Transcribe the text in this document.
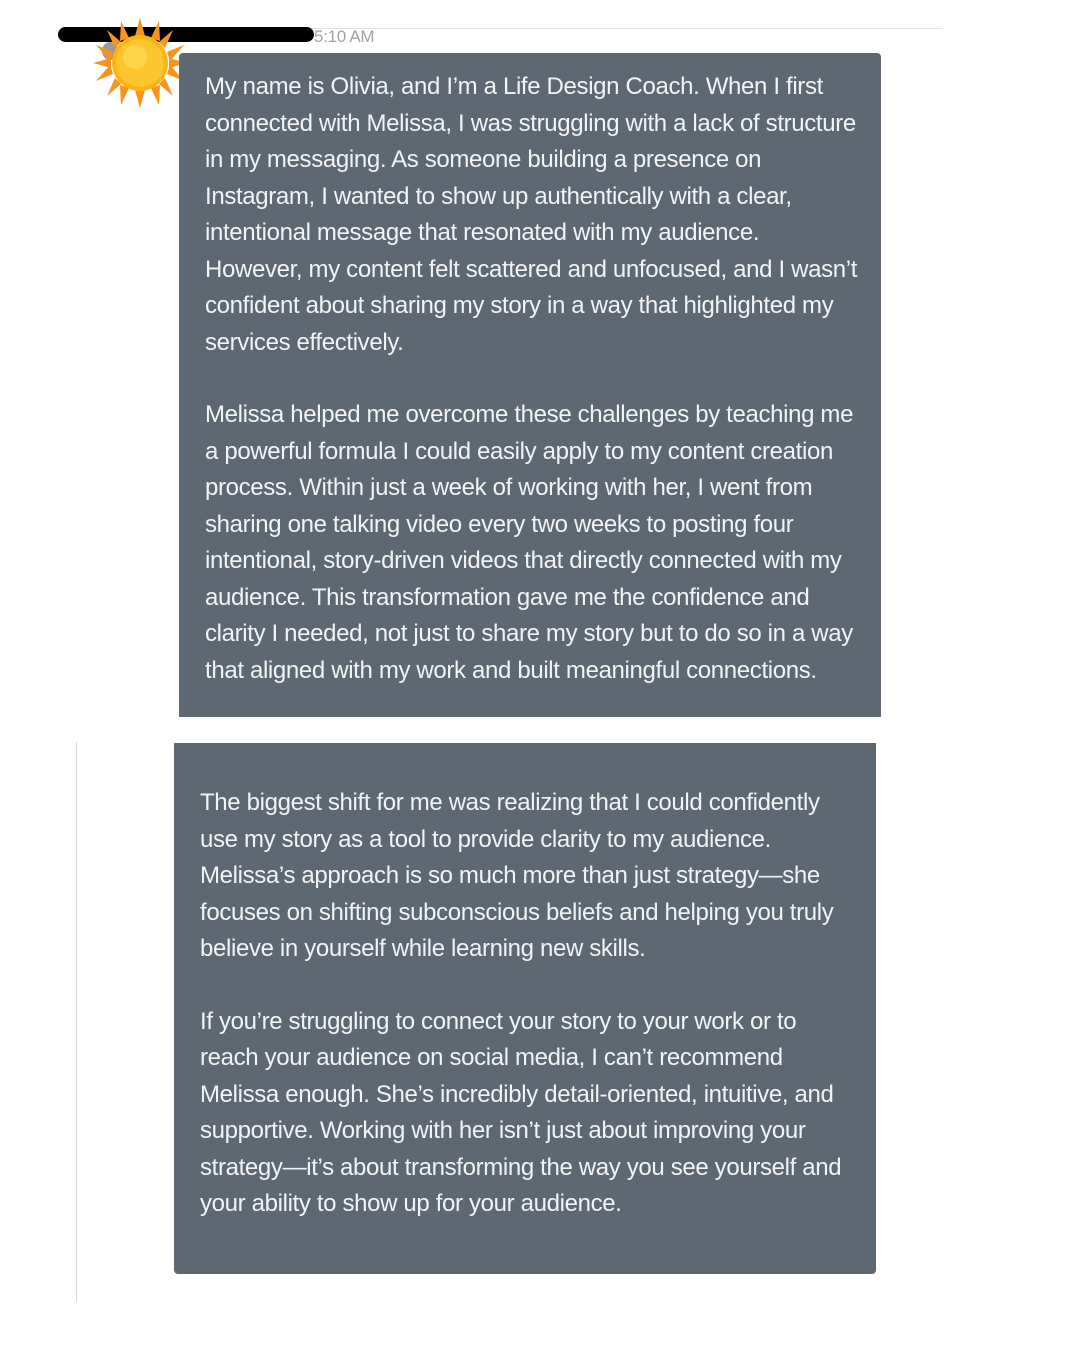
5:10 AM

My name is Olivia, and I’m a Life Design Coach. When I first connected with Melissa, I was struggling with a lack of structure in my messaging. As someone building a presence on Instagram, I wanted to show up authentically with a clear, intentional message that resonated with my audience. However, my content felt scattered and unfocused, and I wasn’t confident about sharing my story in a way that highlighted my services effectively.

Melissa helped me overcome these challenges by teaching me a powerful formula I could easily apply to my content creation process. Within just a week of working with her, I went from sharing one talking video every two weeks to posting four intentional, story-driven videos that directly connected with my audience. This transformation gave me the confidence and clarity I needed, not just to share my story but to do so in a way that aligned with my work and built meaningful connections.

The biggest shift for me was realizing that I could confidently use my story as a tool to provide clarity to my audience. Melissa’s approach is so much more than just strategy—she focuses on shifting subconscious beliefs and helping you truly believe in yourself while learning new skills.

If you’re struggling to connect your story to your work or to reach your audience on social media, I can’t recommend Melissa enough. She’s incredibly detail-oriented, intuitive, and supportive. Working with her isn’t just about improving your strategy—it’s about transforming the way you see yourself and your ability to show up for your audience.
